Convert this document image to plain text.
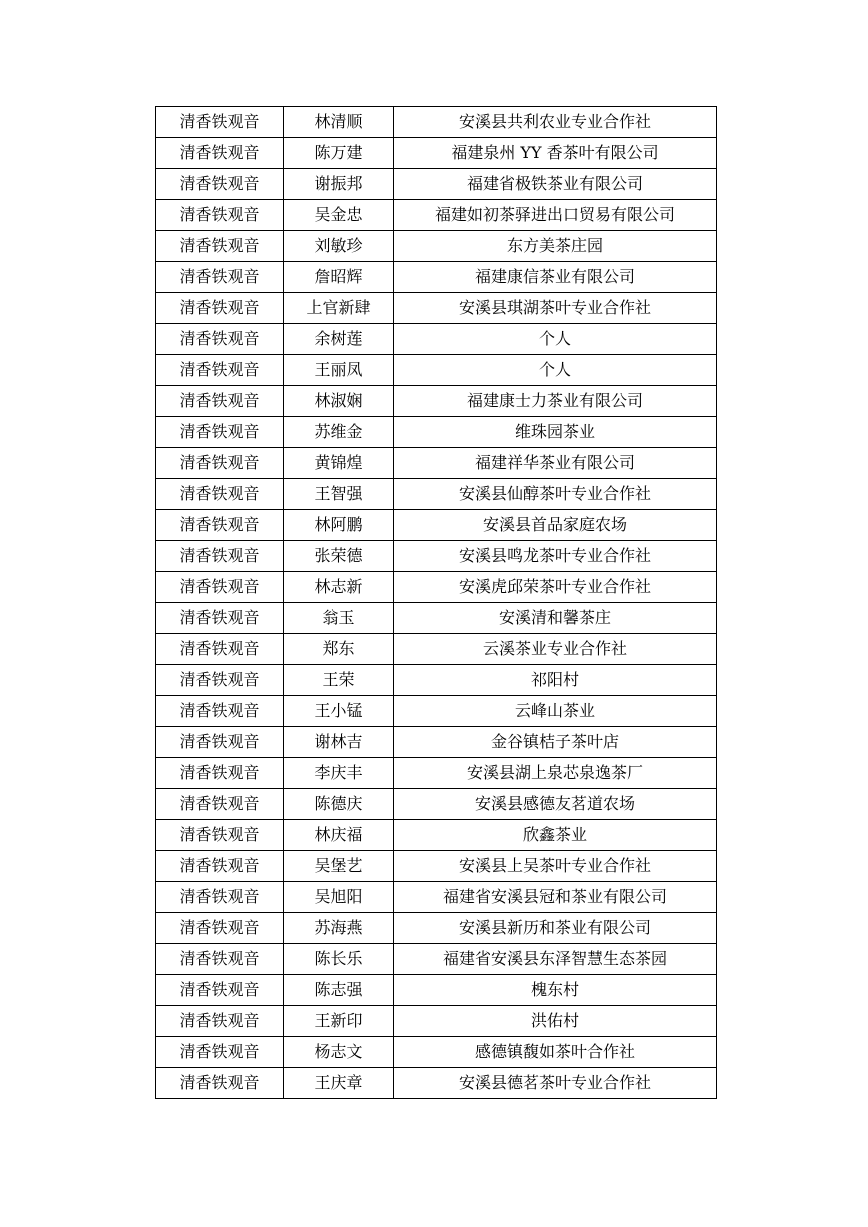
清香铁观音	林清顺	安溪县共利农业专业合作社
清香铁观音	陈万建	福建泉州 YY 香茶叶有限公司
清香铁观音	谢振邦	福建省极铁茶业有限公司
清香铁观音	吴金忠	福建如初茶驿进出口贸易有限公司
清香铁观音	刘敏珍	东方美茶庄园
清香铁观音	詹昭辉	福建康信茶业有限公司
清香铁观音	上官新肆	安溪县琪湖茶叶专业合作社
清香铁观音	余树莲	个人
清香铁观音	王丽凤	个人
清香铁观音	林淑娴	福建康士力茶业有限公司
清香铁观音	苏维金	维珠园茶业
清香铁观音	黄锦煌	福建祥华茶业有限公司
清香铁观音	王智强	安溪县仙醇茶叶专业合作社
清香铁观音	林阿鹏	安溪县首品家庭农场
清香铁观音	张荣德	安溪县鸣龙茶叶专业合作社
清香铁观音	林志新	安溪虎邱荣茶叶专业合作社
清香铁观音	翁玉	安溪清和馨茶庄
清香铁观音	郑东	云溪茶业专业合作社
清香铁观音	王荣	祁阳村
清香铁观音	王小锰	云峰山茶业
清香铁观音	谢林吉	金谷镇桔子茶叶店
清香铁观音	李庆丰	安溪县湖上泉芯泉逸茶厂
清香铁观音	陈德庆	安溪县感德友茗道农场
清香铁观音	林庆福	欣鑫茶业
清香铁观音	吴堡艺	安溪县上吴茶叶专业合作社
清香铁观音	吴旭阳	福建省安溪县冠和茶业有限公司
清香铁观音	苏海燕	安溪县新历和茶业有限公司
清香铁观音	陈长乐	福建省安溪县东泽智慧生态茶园
清香铁观音	陈志强	槐东村
清香铁观音	王新印	洪佑村
清香铁观音	杨志文	感德镇馥如茶叶合作社
清香铁观音	王庆章	安溪县德茗茶叶专业合作社
